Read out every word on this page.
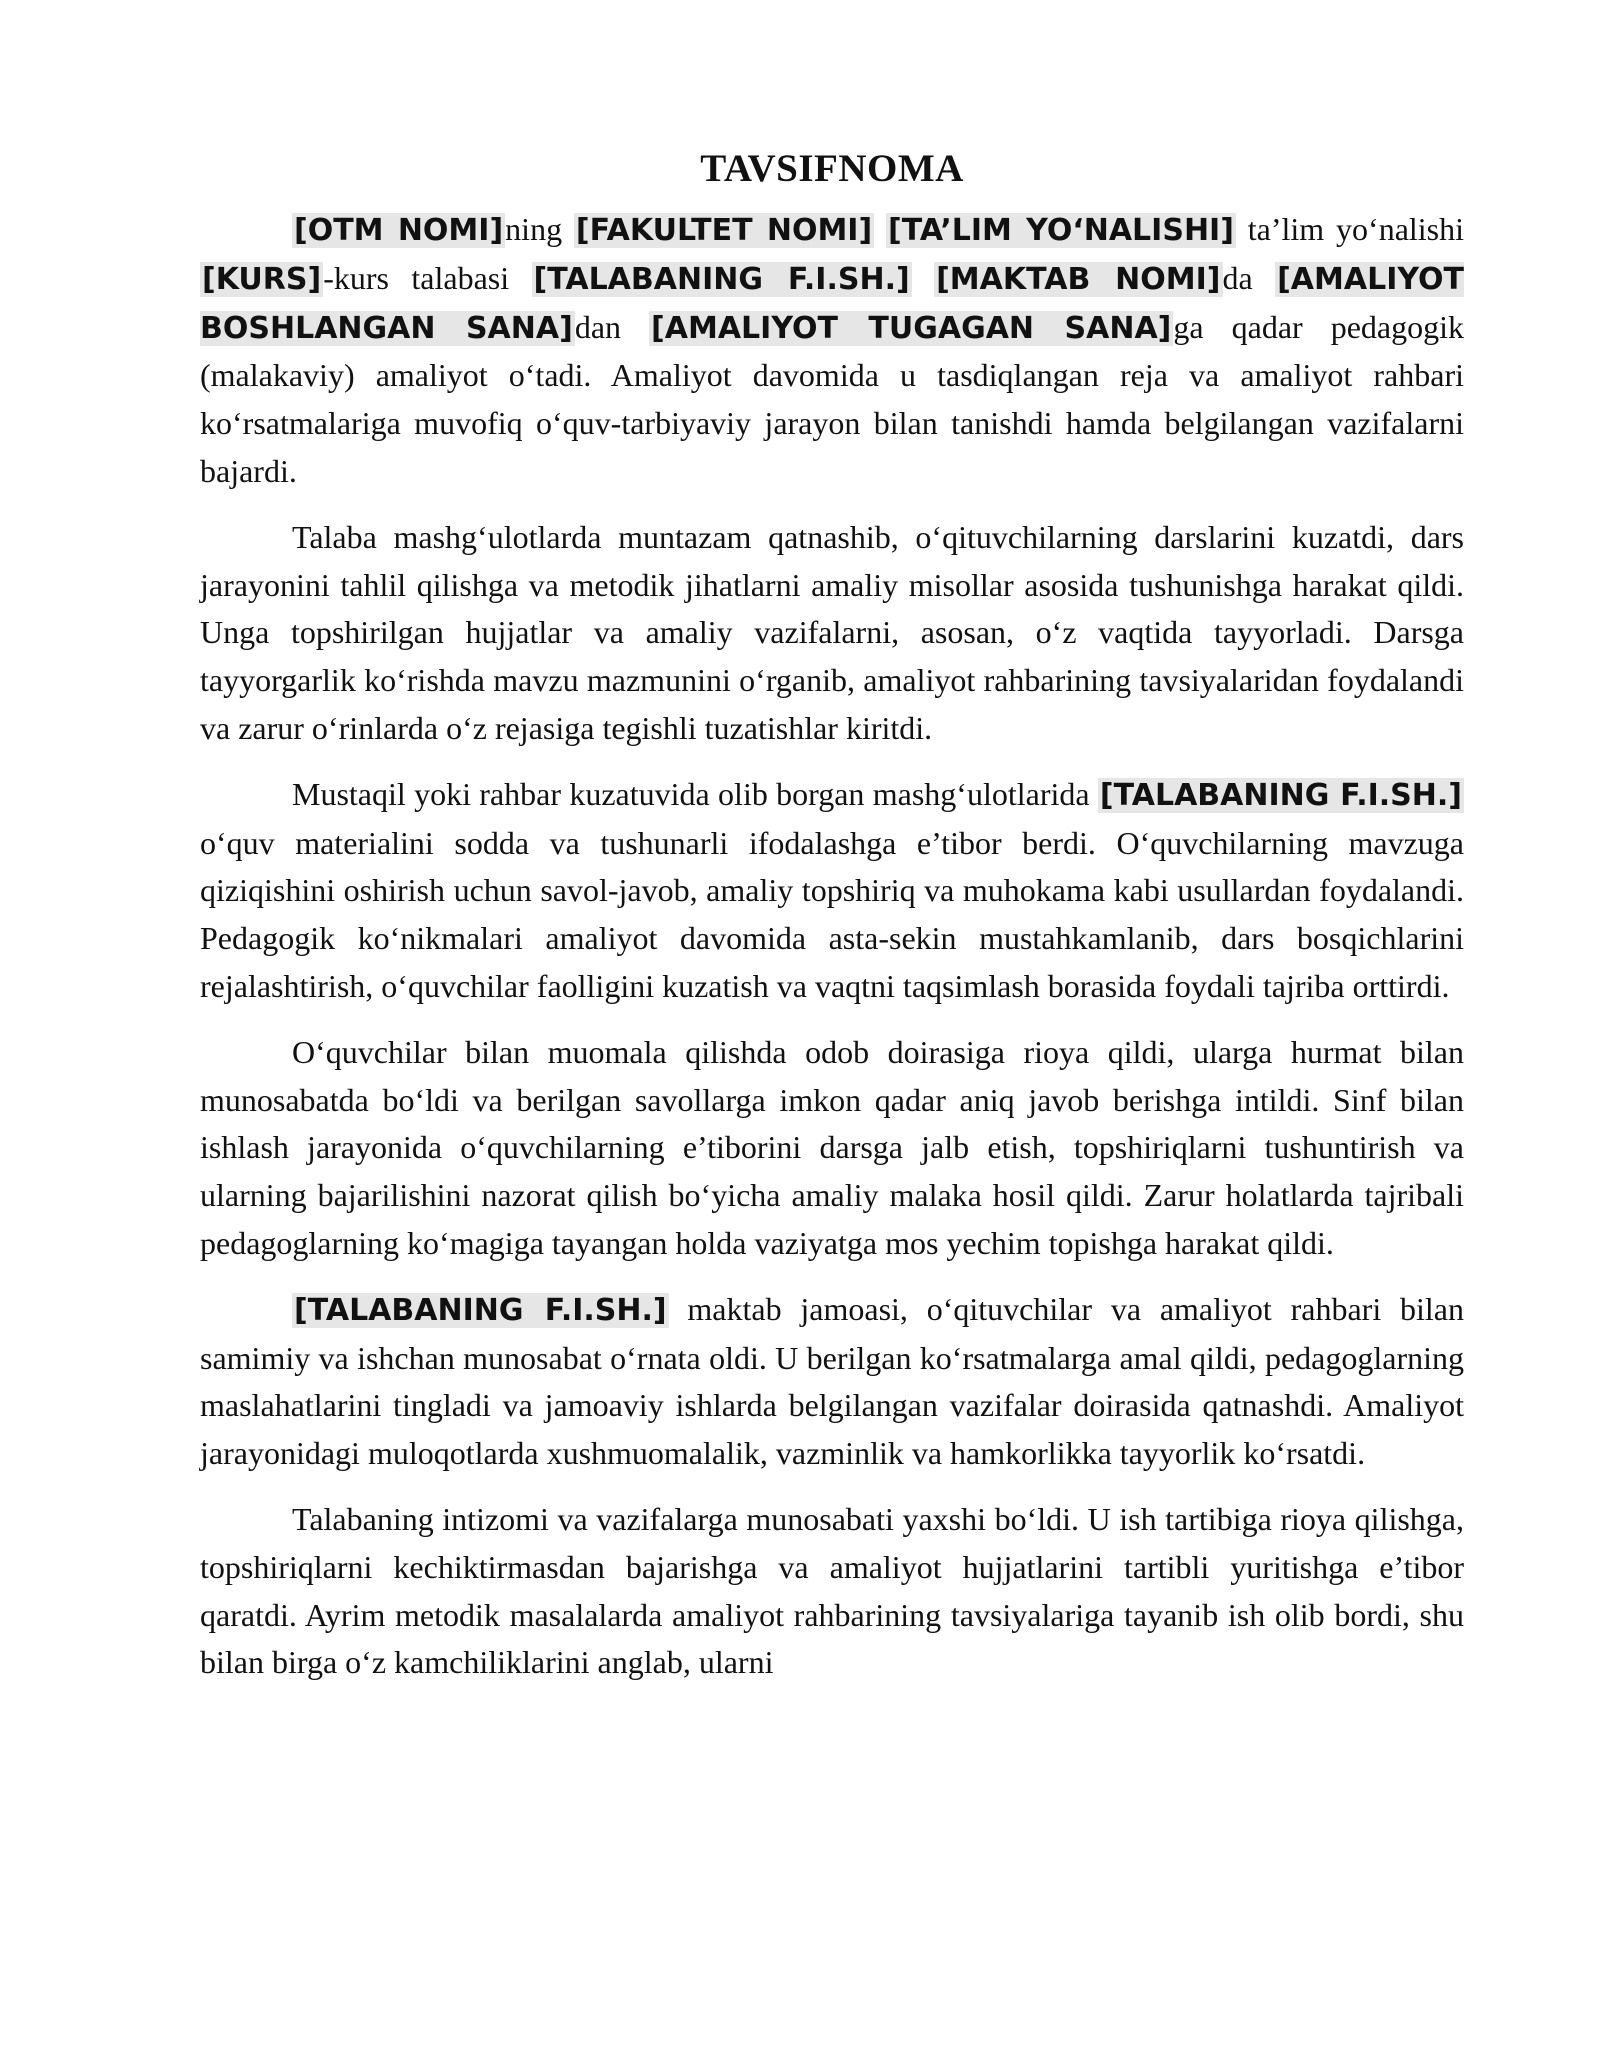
TAVSIFNOMA

[OTM NOMI]ning [FAKULTET NOMI] [TA’LIM YO‘NALISHI] ta’lim yo‘nalishi [KURS]-kurs talabasi [TALABANING F.I.SH.] [MAKTAB NOMI]da [AMALIYOT BOSHLANGAN SANA]dan [AMALIYOT TUGAGAN SANA]ga qadar pedagogik (malakaviy) amaliyot o‘tadi. Amaliyot davomida u tasdiqlangan reja va amaliyot rahbari ko‘rsatmalariga muvofiq o‘quv-tarbiyaviy jarayon bilan tanishdi hamda belgilangan vazifalarni bajardi.

Talaba mashg‘ulotlarda muntazam qatnashib, o‘qituvchilarning darslarini kuzatdi, dars jarayonini tahlil qilishga va metodik jihatlarni amaliy misollar asosida tushunishga harakat qildi. Unga topshirilgan hujjatlar va amaliy vazifalarni, asosan, o‘z vaqtida tayyorladi. Darsga tayyorgarlik ko‘rishda mavzu mazmunini o‘rganib, amaliyot rahbarining tavsiyalaridan foydalandi va zarur o‘rinlarda o‘z rejasiga tegishli tuzatishlar kiritdi.

Mustaqil yoki rahbar kuzatuvida olib borgan mashg‘ulotlarida [TALABANING F.I.SH.] o‘quv materialini sodda va tushunarli ifodalashga e’tibor berdi. O‘quvchilarning mavzuga qiziqishini oshirish uchun savol-javob, amaliy topshiriq va muhokama kabi usullardan foydalandi. Pedagogik ko‘nikmalari amaliyot davomida asta-sekin mustahkamlanib, dars bosqichlarini rejalashtirish, o‘quvchilar faolligini kuzatish va vaqtni taqsimlash borasida foydali tajriba orttirdi.

O‘quvchilar bilan muomala qilishda odob doirasiga rioya qildi, ularga hurmat bilan munosabatda bo‘ldi va berilgan savollarga imkon qadar aniq javob berishga intildi. Sinf bilan ishlash jarayonida o‘quvchilarning e’tiborini darsga jalb etish, topshiriqlarni tushuntirish va ularning bajarilishini nazorat qilish bo‘yicha amaliy malaka hosil qildi. Zarur holatlarda tajribali pedagoglarning ko‘magiga tayangan holda vaziyatga mos yechim topishga harakat qildi.

[TALABANING F.I.SH.] maktab jamoasi, o‘qituvchilar va amaliyot rahbari bilan samimiy va ishchan munosabat o‘rnata oldi. U berilgan ko‘rsatmalarga amal qildi, pedagoglarning maslahatlarini tingladi va jamoaviy ishlarda belgilangan vazifalar doirasida qatnashdi. Amaliyot jarayonidagi muloqotlarda xushmuomalalik, vazminlik va hamkorlikka tayyorlik ko‘rsatdi.

Talabaning intizomi va vazifalarga munosabati yaxshi bo‘ldi. U ish tartibiga rioya qilishga, topshiriqlarni kechiktirmasdan bajarishga va amaliyot hujjatlarini tartibli yuritishga e’tibor qaratdi. Ayrim metodik masalalarda amaliyot rahbarining tavsiyalariga tayanib ish olib bordi, shu bilan birga o‘z kamchiliklarini anglab, ularni
